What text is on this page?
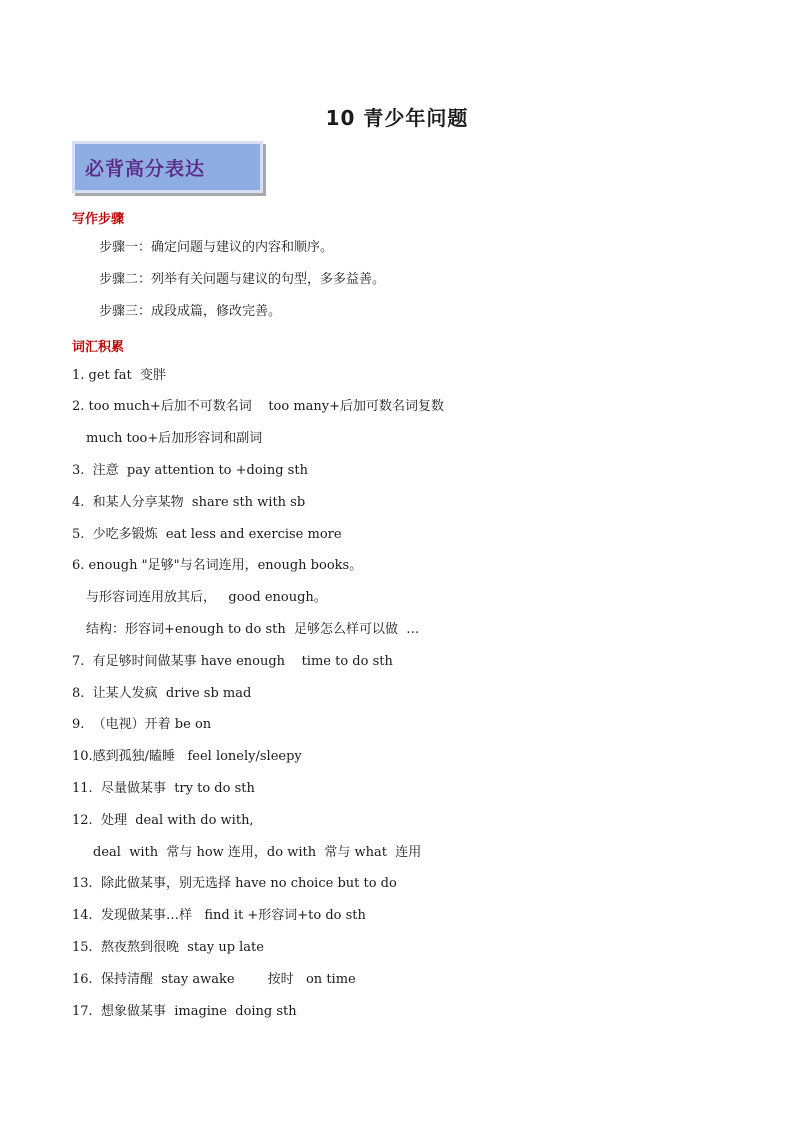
10 青少年问题
必背高分表达
写作步骤
步骤一：确定问题与建议的内容和顺序。
步骤二：列举有关问题与建议的句型，多多益善。
步骤三：成段成篇，修改完善。
词汇积累
1. get fat  变胖
2. too much+后加不可数名词    too many+后加可数名词复数
much too+后加形容词和副词
3.  注意  pay attention to +doing sth
4.  和某人分享某物  share sth with sb
5.  少吃多锻炼  eat less and exercise more
6. enough "足够"与名词连用，enough books。
与形容词连用放其后，   good enough。
结构：形容词+enough to do sth  足够怎么样可以做  …
7.  有足够时间做某事 have enough    time to do sth
8.  让某人发疯  drive sb mad
9.  （电视）开着 be on
10.感到孤独/瞌睡   feel lonely/sleepy
11.  尽量做某事  try to do sth
12.  处理  deal with do with,
deal  with  常与 how 连用，do with  常与 what  连用
13.  除此做某事，别无选择 have no choice but to do
14.  发现做某事…样   find it +形容词+to do sth
15.  熬夜熬到很晚  stay up late
16.  保持清醒  stay awake        按时   on time
17.  想象做某事  imagine  doing sth
